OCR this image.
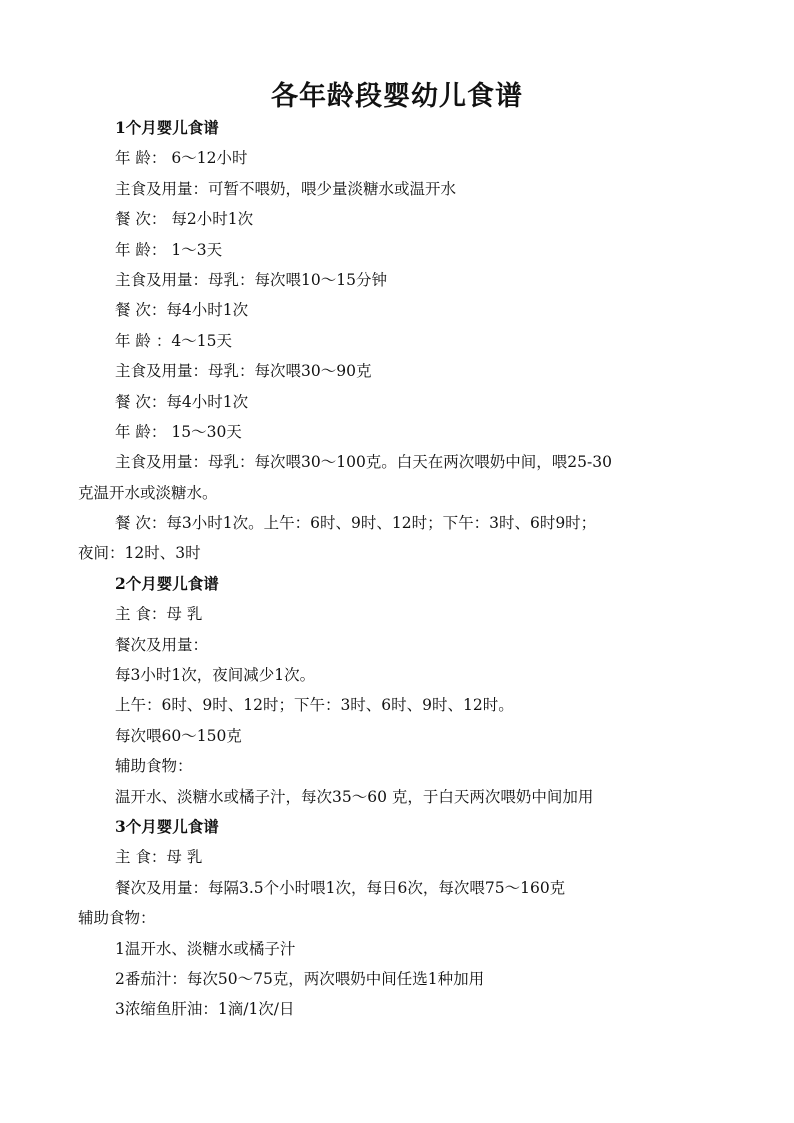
各年龄段婴幼儿食谱

1个月婴儿食谱

年 龄： 6～12小时

主食及用量：可暂不喂奶，喂少量淡糖水或温开水

餐 次： 每2小时1次

年 龄： 1～3天

主食及用量：母乳：每次喂10～15分钟

餐 次：每4小时1次

年 龄 ：4～15天

主食及用量：母乳：每次喂30～90克

餐 次：每4小时1次

年 龄： 15～30天

主食及用量：母乳：每次喂30～100克。白天在两次喂奶中间，喂25-30

克温开水或淡糖水。

餐 次：每3小时1次。上午：6时、9时、12时；下午：3时、6时9时；

夜间：12时、3时

2个月婴儿食谱

主 食：母 乳

餐次及用量：

每3小时1次，夜间减少1次。

上午：6时、9时、12时；下午：3时、6时、9时、12时。

每次喂60～150克

辅助食物：

温开水、淡糖水或橘子汁，每次35～60 克，于白天两次喂奶中间加用

3个月婴儿食谱

主 食：母 乳

餐次及用量：每隔3.5个小时喂1次，每日6次，每次喂75～160克

辅助食物：

1温开水、淡糖水或橘子汁

2番茄汁：每次50～75克，两次喂奶中间任选1种加用

3浓缩鱼肝油：1滴/1次/日
